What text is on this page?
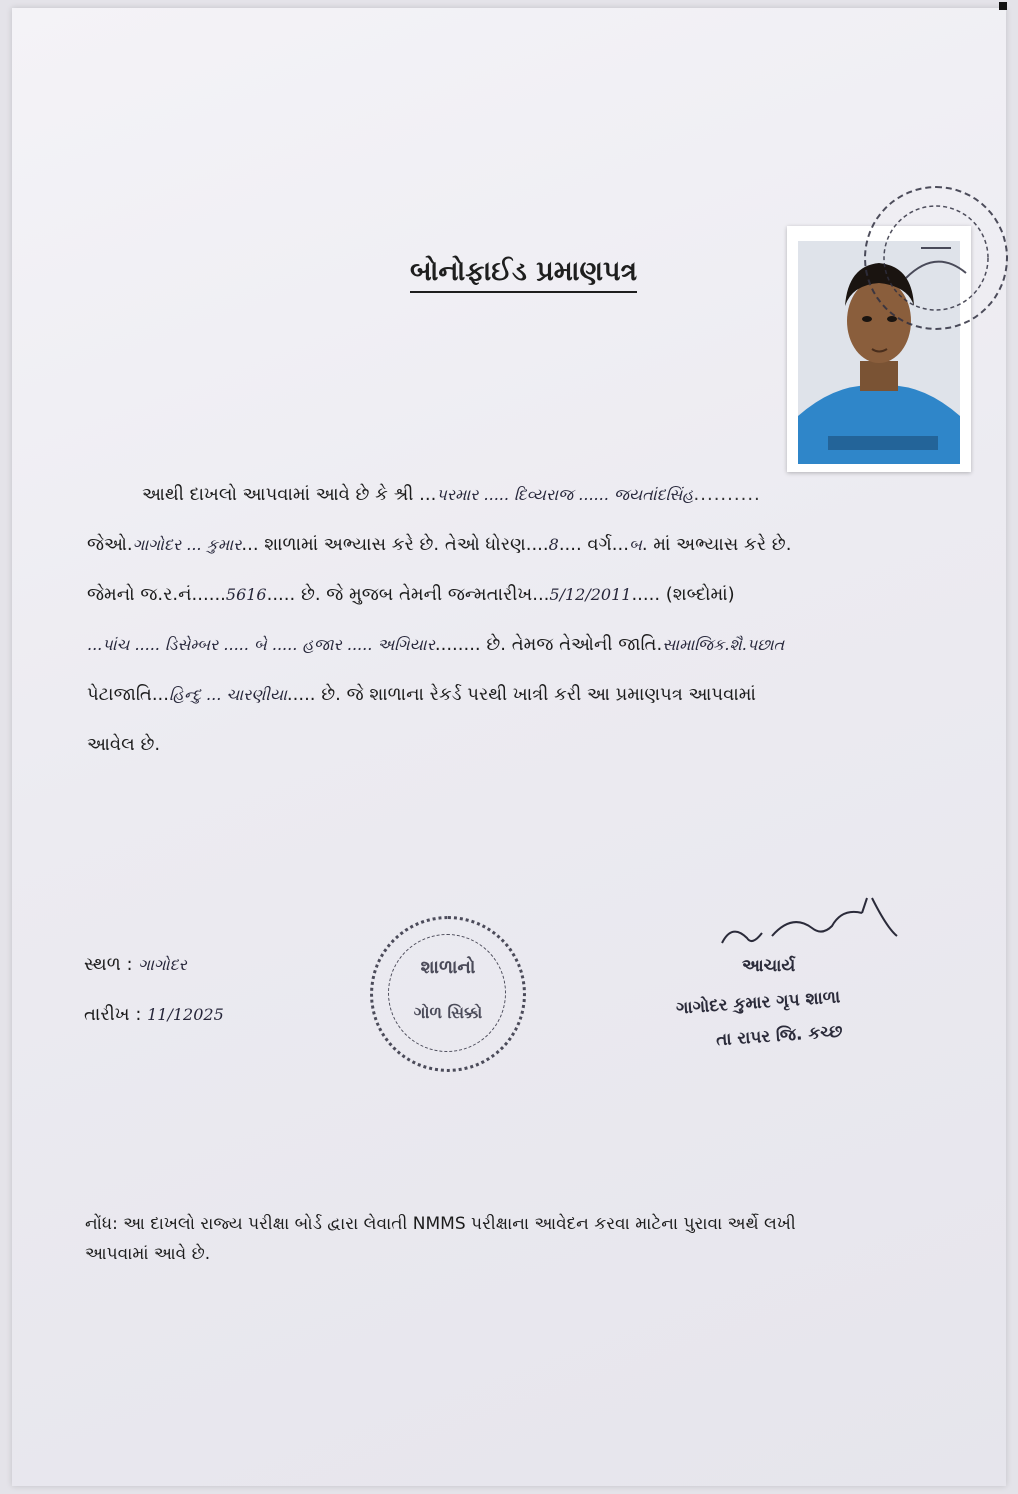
બોનોફાઈડ પ્રમાણપત્ર
આથી દાખલો આપવામાં આવે છે કે શ્રી ...પરમાર ..... દિવ્યરાજ ...... જયતાંદસિંહ..........
જેઓ.ગાગોદર ... કુમાર... શાળામાં અભ્યાસ કરે છે. તેઓ ધોરણ....8.... વર્ગ...બ. માં અભ્યાસ કરે છે.
જેમનો જ.ર.નં......5616..... છે. જે મુજબ તેમની જન્મતારીખ...5/12/2011..... (શબ્દોમાં)
...પાંચ ..... ડિસેમ્બર ..... બે ..... હજાર ..... અગિયાર........ છે. તેમજ તેઓની જાતિ.સામાજિક.શૈ.પછાત
પેટાજાતિ...હિન્દુ ... ચારણીયા..... છે. જે શાળાના રેકર્ડ પરથી ખાત્રી કરી આ પ્રમાણપત્ર આપવામાં
આવેલ છે.
સ્થળ : ગાગોદર
તારીખ : 11/12025
શાળાનો
ગોળ સિક્કો
આચાર્ય
ગાગોદર કુમાર ગૃપ શાળા
તા રાપર જિ. કચ્છ
નોંધ: આ દાખલો રાજ્ય પરીક્ષા બોર્ડ દ્વારા લેવાતી NMMS પરીક્ષાના આવેદન કરવા માટેના પુરાવા અર્થે લખી
આપવામાં આવે છે.
